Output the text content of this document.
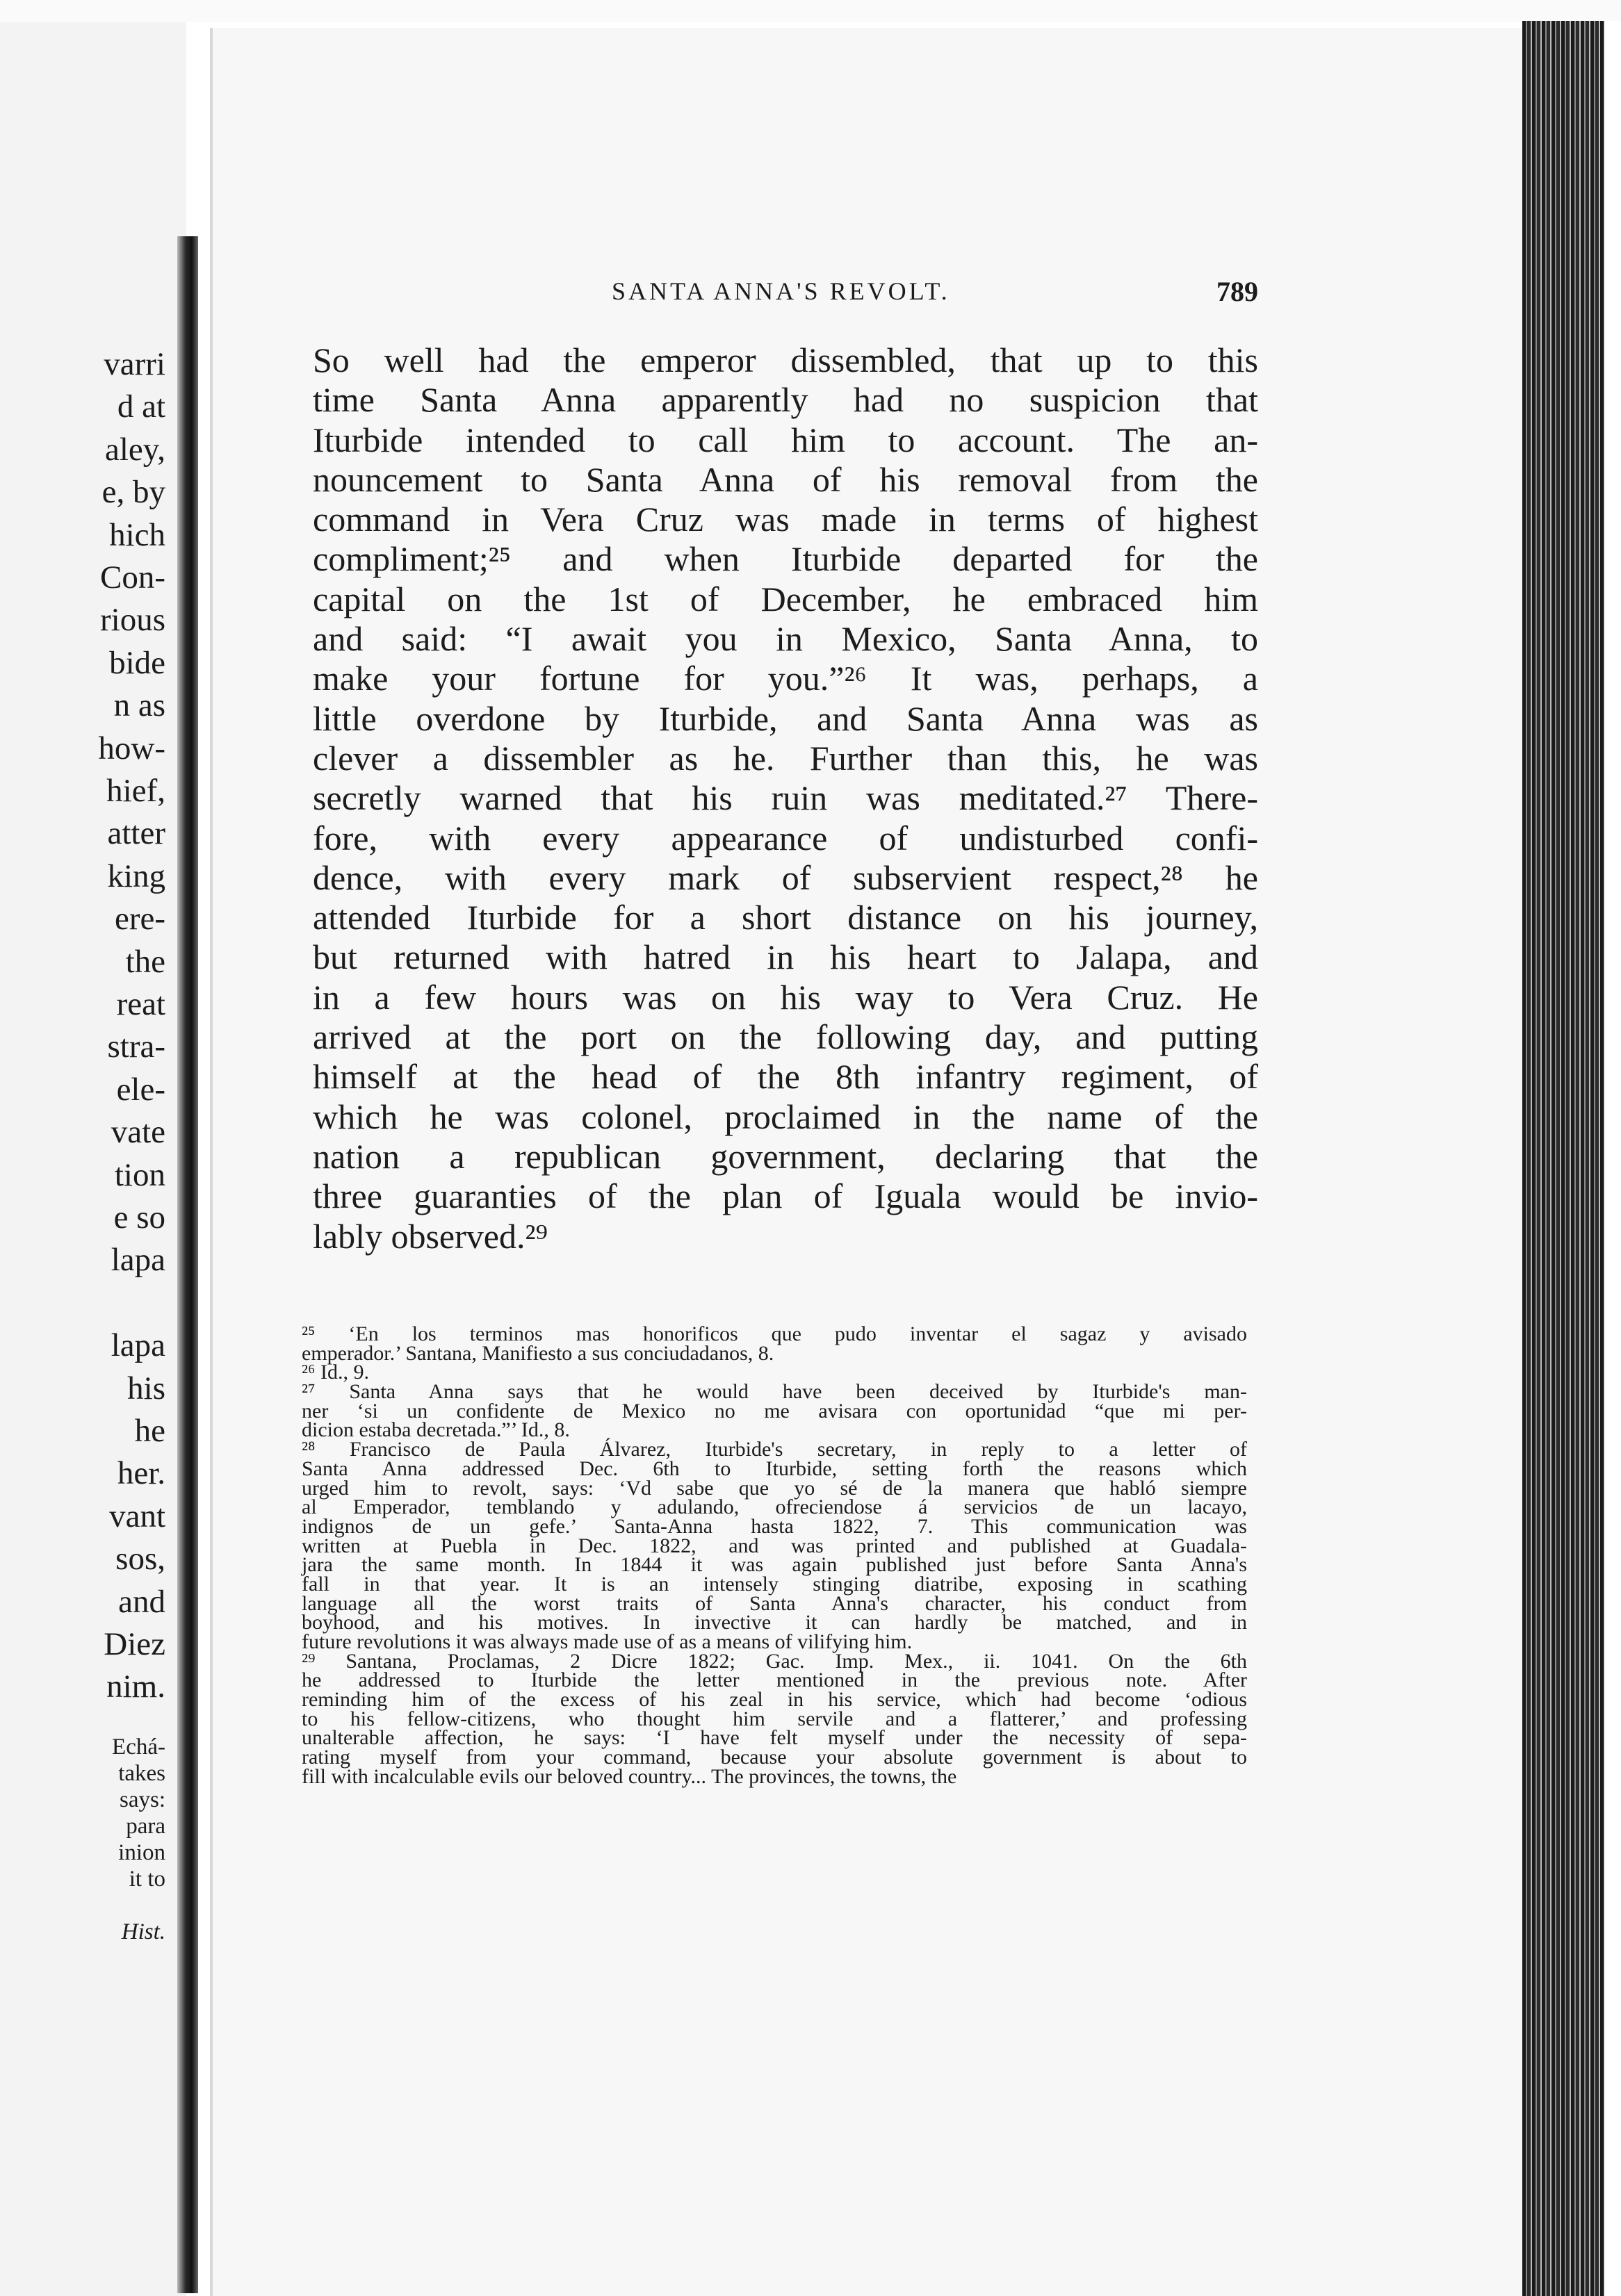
varri
d at
aley,
e, by
hich
Con-
rious
bide
n as
how-
hief,
atter
king
ere-
the
reat
stra-
ele-
vate
tion
e so
lapa
lapa
his
he
her.
vant
sos,
and
Diez
nim.
Echá-
takes
says:
para
inion
it to
Hist.
SANTA ANNA'S REVOLT.	789
So well had the emperor dissembled, that up to this
time Santa Anna apparently had no suspicion that
Iturbide intended to call him to account. The an-
nouncement to Santa Anna of his removal from the
command in Vera Cruz was made in terms of highest
compliment;²⁵ and when Iturbide departed for the
capital on the 1st of December, he embraced him
and said: “I await you in Mexico, Santa Anna, to
make your fortune for you.”²⁶ It was, perhaps, a
little overdone by Iturbide, and Santa Anna was as
clever a dissembler as he. Further than this, he was
secretly warned that his ruin was meditated.²⁷ There-
fore, with every appearance of undisturbed confi-
dence, with every mark of subservient respect,²⁸ he
attended Iturbide for a short distance on his journey,
but returned with hatred in his heart to Jalapa, and
in a few hours was on his way to Vera Cruz. He
arrived at the port on the following day, and putting
himself at the head of the 8th infantry regiment, of
which he was colonel, proclaimed in the name of the
nation a republican government, declaring that the
three guaranties of the plan of Iguala would be invio-
lably observed.²⁹
²⁵ ‘En los terminos mas honorificos que pudo inventar el sagaz y avisado
emperador.’ Santana, Manifiesto a sus conciudadanos, 8.
²⁶ Id., 9.
²⁷ Santa Anna says that he would have been deceived by Iturbide's man-
ner ‘si un confidente de Mexico no me avisara con oportunidad “que mi per-
dicion estaba decretada.”’ Id., 8.
²⁸ Francisco de Paula Álvarez, Iturbide's secretary, in reply to a letter of
Santa Anna addressed Dec. 6th to Iturbide, setting forth the reasons which
urged him to revolt, says: ‘Vd sabe que yo sé de la manera que habló siempre
al Emperador, temblando y adulando, ofreciendose á servicios de un lacayo,
indignos de un gefe.’ Santa-Anna hasta 1822, 7. This communication was
written at Puebla in Dec. 1822, and was printed and published at Guadala-
jara the same month. In 1844 it was again published just before Santa Anna's
fall in that year. It is an intensely stinging diatribe, exposing in scathing
language all the worst traits of Santa Anna's character, his conduct from
boyhood, and his motives. In invective it can hardly be matched, and in
future revolutions it was always made use of as a means of vilifying him.
²⁹ Santana, Proclamas, 2 Dicre 1822; Gac. Imp. Mex., ii. 1041. On the 6th
he addressed to Iturbide the letter mentioned in the previous note. After
reminding him of the excess of his zeal in his service, which had become ‘odious
to his fellow-citizens, who thought him servile and a flatterer,’ and professing
unalterable affection, he says: ‘I have felt myself under the necessity of sepa-
rating myself from your command, because your absolute government is about to
fill with incalculable evils our beloved country... The provinces, the towns, the
